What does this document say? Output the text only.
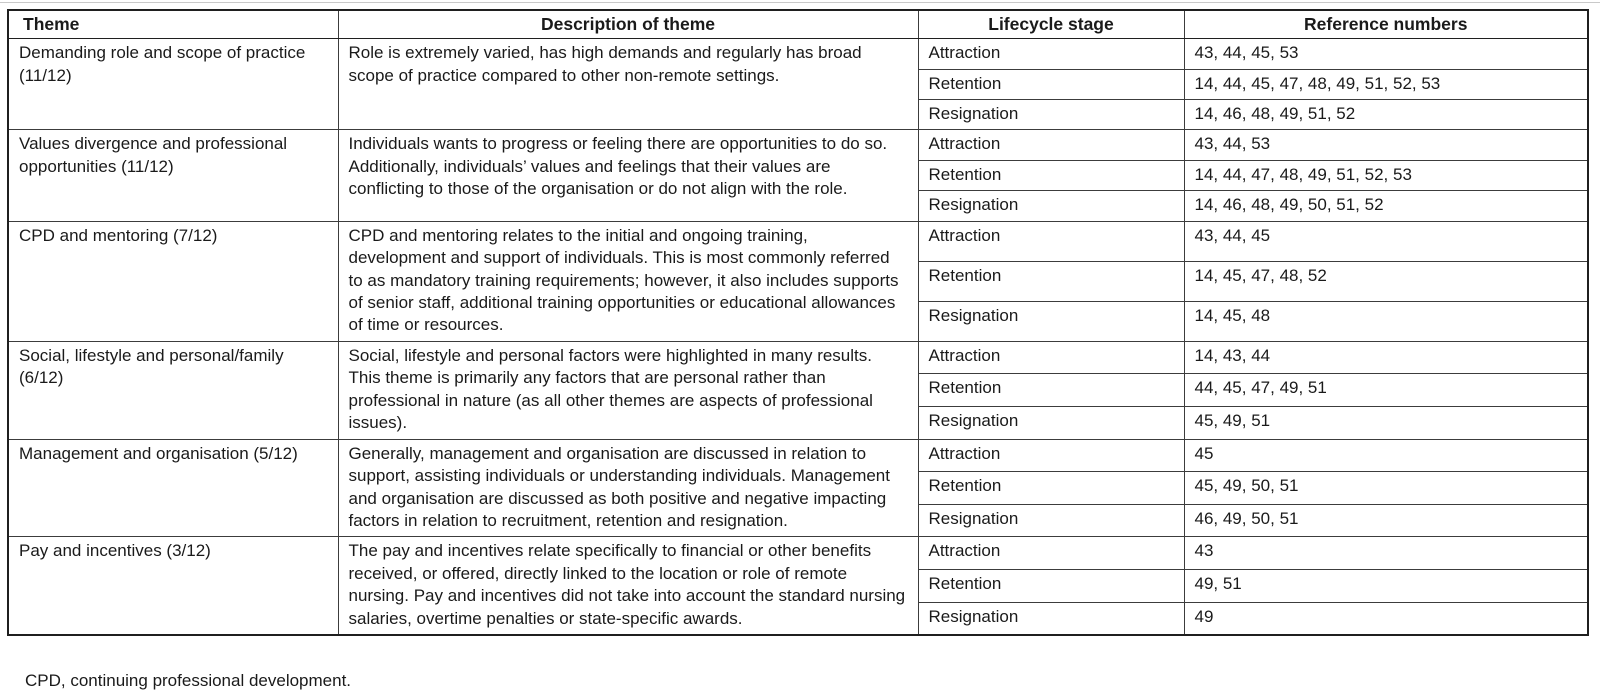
Theme	Description of theme	Lifecycle stage	Reference numbers
Demanding role and scope of practice (11/12)	Role is extremely varied, has high demands and regularly has broad scope of practice compared to other non-remote settings.	Attraction	43, 44, 45, 53
		Retention	14, 44, 45, 47, 48, 49, 51, 52, 53
		Resignation	14, 46, 48, 49, 51, 52
Values divergence and professional opportunities (11/12)	Individuals wants to progress or feeling there are opportunities to do so. Additionally, individuals’ values and feelings that their values are conflicting to those of the organisation or do not align with the role.	Attraction	43, 44, 53
		Retention	14, 44, 47, 48, 49, 51, 52, 53
		Resignation	14, 46, 48, 49, 50, 51, 52
CPD and mentoring (7/12)	CPD and mentoring relates to the initial and ongoing training, development and support of individuals. This is most commonly referred to as mandatory training requirements; however, it also includes supports of senior staff, additional training opportunities or educational allowances of time or resources.	Attraction	43, 44, 45
		Retention	14, 45, 47, 48, 52
		Resignation	14, 45, 48
Social, lifestyle and personal/family (6/12)	Social, lifestyle and personal factors were highlighted in many results. This theme is primarily any factors that are personal rather than professional in nature (as all other themes are aspects of professional issues).	Attraction	14, 43, 44
		Retention	44, 45, 47, 49, 51
		Resignation	45, 49, 51
Management and organisation (5/12)	Generally, management and organisation are discussed in relation to support, assisting individuals or understanding individuals. Management and organisation are discussed as both positive and negative impacting factors in relation to recruitment, retention and resignation.	Attraction	45
		Retention	45, 49, 50, 51
		Resignation	46, 49, 50, 51
Pay and incentives (3/12)	The pay and incentives relate specifically to financial or other benefits received, or offered, directly linked to the location or role of remote nursing. Pay and incentives did not take into account the standard nursing salaries, overtime penalties or state-specific awards.	Attraction	43
		Retention	49, 51
		Resignation	49
CPD, continuing professional development.
